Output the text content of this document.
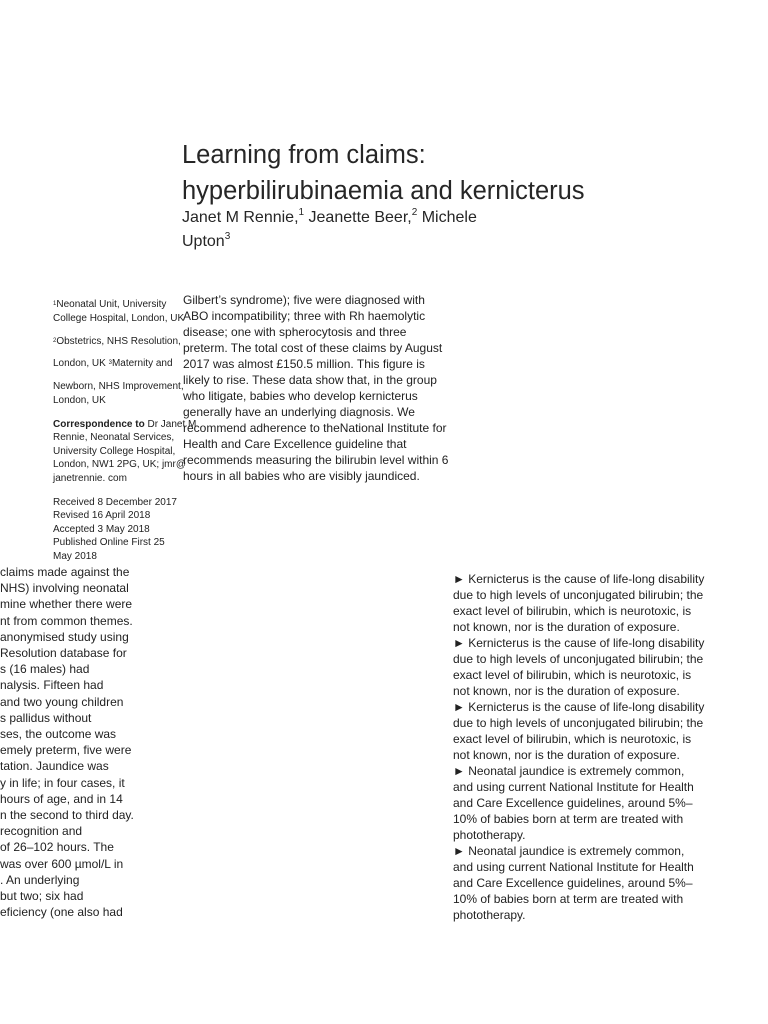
Learning from claims:
hyperbilirubinaemia and kernicterus
Janet M Rennie,$^1$ Jeanette Beer,$^2$ Michele
Upton$^3$
$^1$Neonatal Unit, University
College Hospital, London, UK
$^2$Obstetrics, NHS Resolution,
London, UK $^3$Maternity and
Newborn, NHS Improvement,
London, UK
Correspondence to Dr Janet M
Rennie, Neonatal Services,
University College Hospital,
London, NW1 2PG, UK; jmr@
janetrennie. com
Received 8 December 2017
Revised 16 April 2018
Accepted 3 May 2018
Published Online First 25
May 2018
Gilbert’s syndrome); five were diagnosed with
ABO incompatibility; three with Rh haemolytic
disease; one with spherocytosis and three
preterm. The total cost of these claims by August
2017 was almost £150.5 million. This figure is
likely to rise. These data show that, in the group
who litigate, babies who develop kernicterus
generally have an underlying diagnosis. We
recommend adherence to theNational Institute for
Health and Care Excellence guideline that
recommends measuring the bilirubin level within 6
hours in all babies who are visibly jaundiced.
claims made against the
NHS) involving neonatal
mine whether there were
nt from common themes.
anonymised study using
Resolution database for
s (16 males) had
nalysis. Fifteen had
and two young children
s pallidus without
ses, the outcome was
emely preterm, five were
tation. Jaundice was
y in life; in four cases, it
hours of age, and in 14
n the second to third day.
recognition and
of 26–102 hours. The
was over 600 µmol/L in
. An underlying
but two; six had
eficiency (one also had
► Kernicterus is the cause of life-long disability
due to high levels of unconjugated bilirubin; the
exact level of bilirubin, which is neurotoxic, is
not known, nor is the duration of exposure.
► Kernicterus is the cause of life-long disability
due to high levels of unconjugated bilirubin; the
exact level of bilirubin, which is neurotoxic, is
not known, nor is the duration of exposure.
► Kernicterus is the cause of life-long disability
due to high levels of unconjugated bilirubin; the
exact level of bilirubin, which is neurotoxic, is
not known, nor is the duration of exposure.
► Neonatal jaundice is extremely common,
and using current National Institute for Health
and Care Excellence guidelines, around 5%–
10% of babies born at term are treated with
phototherapy.
► Neonatal jaundice is extremely common,
and using current National Institute for Health
and Care Excellence guidelines, around 5%–
10% of babies born at term are treated with
phototherapy.
